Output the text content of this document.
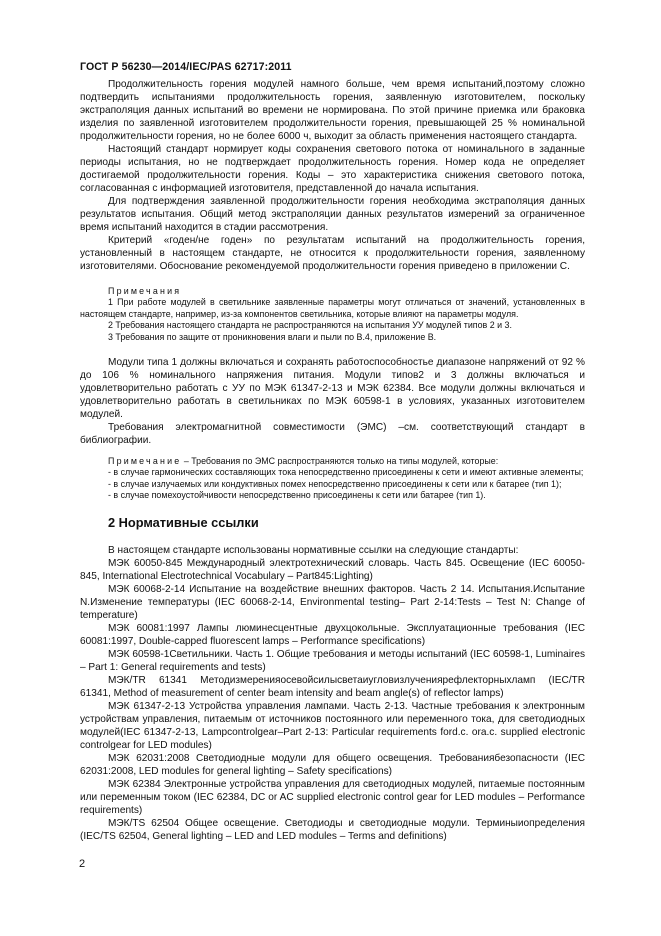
ГОСТ Р 56230—2014/IEC/PAS 62717:2011

Продолжительность горения модулей намного больше, чем время испытаний,поэтому сложно подтвердить испытаниями продолжительность горения, заявленную изготовителем, поскольку экстраполяция данных испытаний во времени не нормирована. По этой причине приемка или браковка изделия по заявленной изготовителем продолжительности горения, превышающей 25 % номинальной продолжительности горения, но не более 6000 ч, выходит за область применения настоящего стандарта.

Настоящий стандарт нормирует коды сохранения светового потока от номинального в заданные периоды испытания, но не подтверждает продолжительность горения. Номер кода не определяет достигаемой продолжительности горения. Коды – это характеристика снижения светового потока, согласованная с информацией изготовителя, представленной до начала испытания.

Для подтверждения заявленной продолжительности горения необходима экстраполяция данных результатов испытания. Общий метод экстраполяции данных результатов измерений за ограниченное время испытаний находится в стадии рассмотрения.

Критерий «годен/не годен» по результатам испытаний на продолжительность горения, установленный в настоящем стандарте, не относится к продолжительности горения, заявленному изготовителями. Обоснование рекомендуемой продолжительности горения приведено в приложении С.

Примечания

1 При работе модулей в светильнике заявленные параметры могут отличаться от значений, установленных в настоящем стандарте, например, из-за компонентов светильника, которые влияют на параметры модуля.

2 Требования настоящего стандарта не распространяются на испытания УУ модулей типов 2 и 3.

3 Требования по защите от проникновения влаги и пыли по В.4, приложение В.

Модули типа 1 должны включаться и сохранять работоспособностье диапазоне напряжений от 92 % до 106 % номинального напряжения питания. Модули типов2 и 3 должны включаться и удовлетворительно работать с УУ по МЭК 61347-2-13 и МЭК 62384. Все модули должны включаться и удовлетворительно работать в светильниках по МЭК 60598-1 в условиях, указанных изготовителем модулей.

Требования электромагнитной совместимости (ЭМС) –см. соответствующий стандарт в библиографии.

Примечание – Требования по ЭМС распространяются только на типы модулей, которые:

- в случае гармонических составляющих тока непосредственно присоединены к сети и имеют активные элементы;

- в случае излучаемых или кондуктивных помех непосредственно присоединены к сети или к батарее (тип 1);

- в случае помехоустойчивости непосредственно присоединены к сети или батарее (тип 1).

2 Нормативные ссылки

В настоящем стандарте использованы нормативные ссылки на следующие стандарты:

МЭК 60050-845 Международный электротехнический словарь. Часть 845. Освещение (IEC 60050-845, International Electrotechnical Vocabulary – Part845:Lighting)

МЭК 60068-2-14 Испытание на воздействие внешних факторов. Часть 2 14. Испытания.Испытание N.Изменение температуры (IEC 60068-2-14, Environmental testing– Part 2-14:Tests – Test N: Change of temperature)

МЭК 60081:1997 Лампы люминесцентные двухцокольные. Эксплуатационные требования (IEC 60081:1997, Double-capped fluorescent lamps – Performance specifications)

МЭК 60598-1Светильники. Часть 1. Общие требования и методы испытаний (IEC 60598-1, Luminaires – Part 1: General requirements and tests)

МЭК/TR 61341 Методизмеренияосевойсилысветаиугловизлучениярефлекторныхламп (IEC/TR 61341, Method of measurement of center beam intensity and beam angle(s) of reflector lamps)

МЭК 61347-2-13 Устройства управления лампами. Часть 2-13. Частные требования к электронным устройствам управления, питаемым от источников постоянного или переменного тока, для светодиодных модулей(IEC 61347-2-13, Lampcontrolgear–Part 2-13: Particular requirements ford.c. ora.c. supplied electronic controlgear for LED modules)

МЭК 62031:2008 Светодиодные модули для общего освещения. Требованиябезопасности (IEC 62031:2008, LED modules for general lighting – Safety specifications)

МЭК 62384 Электронные устройства управления для светодиодных модулей, питаемые постоянным или переменным током (IEC 62384, DC or AC supplied electronic control gear for LED modules – Performance requirements)

МЭК/TS 62504 Общее освещение. Светодиоды и светодиодные модули. Терминыиопределения (IEC/TS 62504, General lighting – LED and LED modules – Terms and definitions)

2
